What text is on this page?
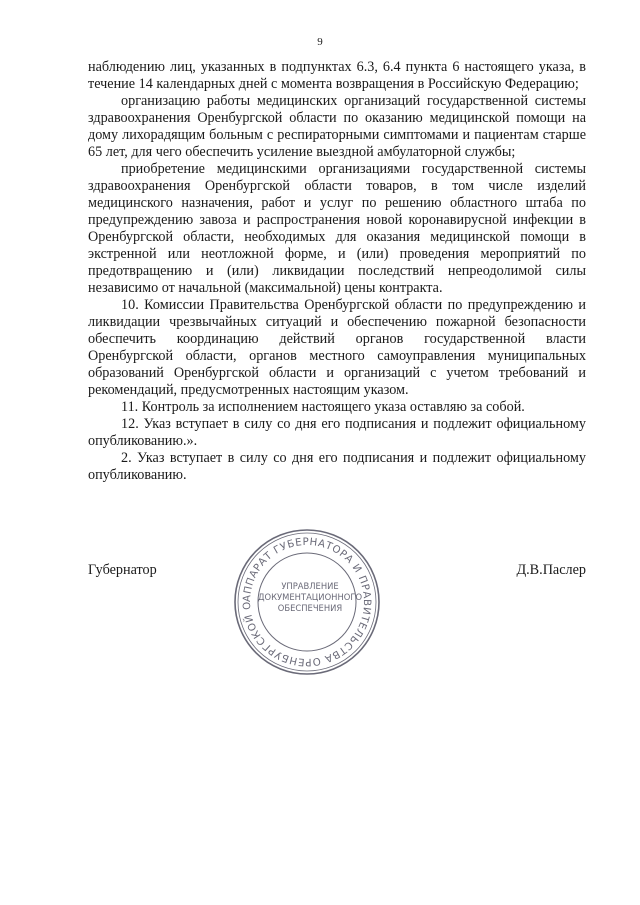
9

наблюдению лиц, указанных в подпунктах 6.3, 6.4 пункта 6 настоящего указа, в течение 14 календарных дней с момента возвращения в Российскую Федерацию;

организацию работы медицинских организаций государственной системы здравоохранения Оренбургской области по оказанию медицинской помощи на дому лихорадящим больным с респираторными симптомами и пациентам старше 65 лет, для чего обеспечить усиление выездной амбулаторной службы;

приобретение медицинскими организациями государственной системы здравоохранения Оренбургской области товаров, в том числе изделий медицинского назначения, работ и услуг по решению областного штаба по предупреждению завоза и распространения новой коронавирусной инфекции в Оренбургской области, необходимых для оказания медицинской помощи в экстренной или неотложной форме, и (или) проведения мероприятий по предотвращению и (или) ликвидации последствий непреодолимой силы независимо от начальной (максимальной) цены контракта.

10. Комиссии Правительства Оренбургской области по предупреждению и ликвидации чрезвычайных ситуаций и обеспечению пожарной безопасности обеспечить координацию действий органов государственной власти Оренбургской области, органов местного самоуправления муниципальных образований Оренбургской области и организаций с учетом требований и рекомендаций, предусмотренных настоящим указом.

11. Контроль за исполнением настоящего указа оставляю за собой.

12. Указ вступает в силу со дня его подписания и подлежит официальному опубликованию.».

2. Указ вступает в силу со дня его подписания и подлежит официальному опубликованию.

Губернатор	Д.В.Паслер
АППАРАТ ГУБЕРНАТОРА И ПРАВИТЕЛЬСТВА ОРЕНБУРГСКОЙ О
УПРАВЛЕНИЕ
ДОКУМЕНТАЦИОННОГО
ОБЕСПЕЧЕНИЯ
